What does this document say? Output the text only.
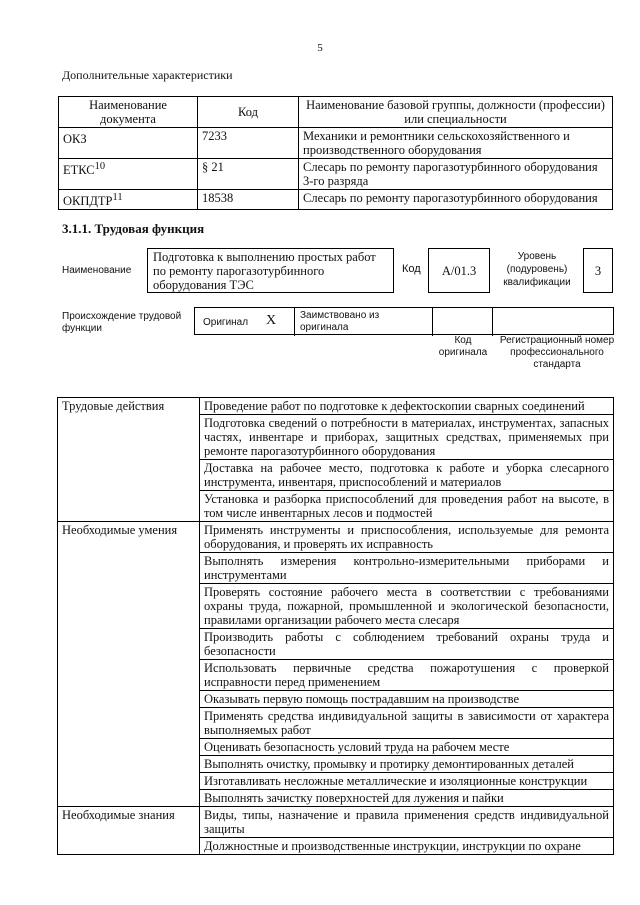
5
Дополнительные характеристики
Наименование документа	Код	Наименование базовой группы, должности (профессии) или специальности
ОКЗ	7233	Механики и ремонтники сельскохозяйственного и производственного оборудования
ЕТКС$^{10}$	§ 21	Слесарь по ремонту парогазотурбинного оборудования 3-го разряда
ОКПДТР$^{11}$	18538	Слесарь по ремонту парогазотурбинного оборудования
3.1.1. Трудовая функция
Наименование
Подготовка к выполнению простых работ по ремонту парогазотурбинного оборудования ТЭС
Код	A/01.3
Уровень (подуровень) квалификации
3
Происхождение трудовой функции
Оригинал X Заимствовано из оригинала
Код оригинала
Регистрационный номер профессионального стандарта
Трудовые действия	Проведение работ по подготовке к дефектоскопии сварных соединений
	Подготовка сведений о потребности в материалах, инструментах, запасных частях, инвентаре и приборах, защитных средствах, применяемых при ремонте парогазотурбинного оборудования
	Доставка на рабочее место, подготовка к работе и уборка слесарного инструмента, инвентаря, приспособлений и материалов
	Установка и разборка приспособлений для проведения работ на высоте, в том числе инвентарных лесов и подмостей
Необходимые умения	Применять инструменты и приспособления, используемые для ремонта оборудования, и проверять их исправность
	Выполнять измерения контрольно-измерительными приборами и инструментами
	Проверять состояние рабочего места в соответствии с требованиями охраны труда, пожарной, промышленной и экологической безопасности, правилами организации рабочего места слесаря
	Производить работы с соблюдением требований охраны труда и безопасности
	Использовать первичные средства пожаротушения с проверкой исправности перед применением
	Оказывать первую помощь пострадавшим на производстве
	Применять средства индивидуальной защиты в зависимости от характера выполняемых работ
	Оценивать безопасность условий труда на рабочем месте
	Выполнять очистку, промывку и протирку демонтированных деталей
	Изготавливать несложные металлические и изоляционные конструкции
	Выполнять зачистку поверхностей для лужения и пайки
Необходимые знания	Виды, типы, назначение и правила применения средств индивидуальной защиты
	Должностные и производственные инструкции, инструкции по охране
